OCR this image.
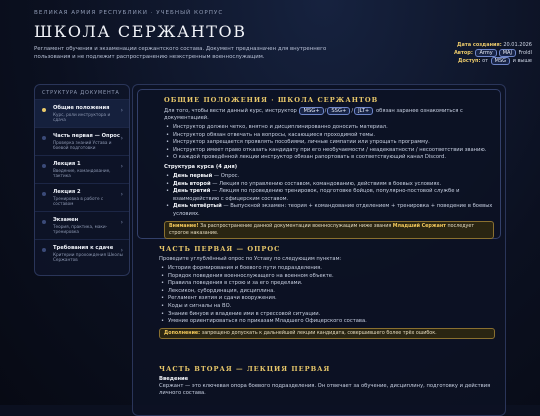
ВЕЛИКАЯ АРМИЯ РЕСПУБЛИКИ · УЧЕБНЫЙ КОРПУС
ШКОЛА СЕРЖАНТОВ
Регламент обучения и экзаменации сержантского состава. Документ предназначен для внутреннего пользования и не подлежит распространению неэкстренным военнослужащим.
Дата создания: 20.01.2026
Автор: Army MAJ Froldl
Доступ: от MSG и выше
СТРУКТУРА ДОКУМЕНТА
Общие положения
Курс, роли инструктора и сдача
›
Часть первая — Опрос
Проверка знаний Устава и боевой подготовки
›
Лекция 1
Введение, командование, тактика
›
Лекция 2
Тренировка в работе с составом
›
Экзамен
Теория, практика, маки-тренировка
›
Требования к сдаче
Критерии прохождения Школы Сержантов
›
ОБЩИЕ ПОЛОЖЕНИЯ · ШКОЛА СЕРЖАНТОВ
Для того, чтобы вести данный курс, инструктор MSG+ / SSG+ / JLT+ обязан заранее ознакомиться с документацией.
• Инструктор должен четко, внятно и дисциплинированно доносить материал.
• Инструктор обязан отвечать на вопросы, касающиеся проходимой темы.
• Инструктор запрещается проявлять пособиями, личные симпатии или упрощать программу.
• Инструктор имеет право отказать кандидату при его необучаемости / неадекватности / несоответствии званию.
• О каждой проведённой лекции инструктор обязан рапортовать в соответствующий канал Discord.
Структура курса (4 дня)
• День первый — Опрос.
• День второй — Лекция по управлению составом, командованию, действиям в боевых условиях.
• День третий — Лекция по проведению тренировок, подготовке бойцов, популярно-постовой службе и взаимодействию с офицерским составом.
• День четвёртый — Выпускной экзамен: теория + командование отделением + тренировка + поведение в боевых условиях.
Внимание! За распространение данной документации военнослужащим ниже звания Младший Сержант последует строгое наказание.
ЧАСТЬ ПЕРВАЯ — ОПРОС
Проведите углублённый опрос по Уставу по следующим пунктам:
• История формирования и боевого пути подразделения.
• Порядок поведения военнослужащего на военном объекте.
• Правила поведения в строю и за его пределами.
• Лексикон, субординация, дисциплина.
• Регламент взятия и сдачи вооружения.
• Коды и сигналы на ВО.
• Знание бинуов и владение ими в стрессовой ситуации.
• Умение ориентироваться по приказам Младшего Офицерского состава.
Дополнение: запрещено допускать к дальнейшей лекции кандидата, совершившего более трёх ошибок.
ЧАСТЬ ВТОРАЯ — ЛЕКЦИЯ ПЕРВАЯ
Введение
Сержант — это ключевая опора боевого подразделения. Он отвечает за обучение, дисциплину, подготовку и действия личного состава.
